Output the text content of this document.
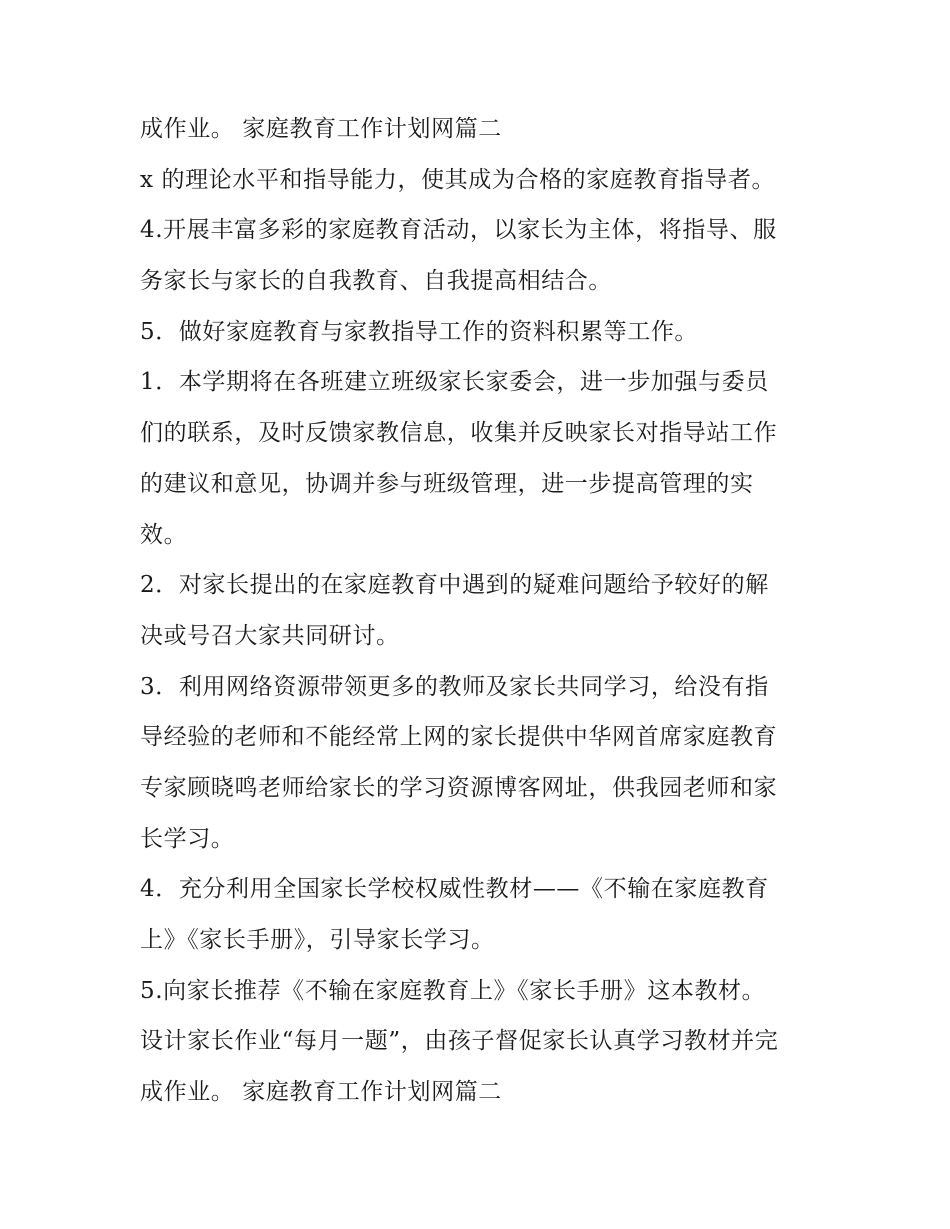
成作业。 家庭教育工作计划网篇二
x 的理论水平和指导能力，使其成为合格的家庭教育指导者。
4.开展丰富多彩的家庭教育活动，以家长为主体，将指导、服
务家长与家长的自我教育、自我提高相结合。
5．做好家庭教育与家教指导工作的资料积累等工作。
1．本学期将在各班建立班级家长家委会，进一步加强与委员
们的联系，及时反馈家教信息，收集并反映家长对指导站工作
的建议和意见，协调并参与班级管理，进一步提高管理的实
效。
2．对家长提出的在家庭教育中遇到的疑难问题给予较好的解
决或号召大家共同研讨。
3．利用网络资源带领更多的教师及家长共同学习，给没有指
导经验的老师和不能经常上网的家长提供中华网首席家庭教育
专家顾晓鸣老师给家长的学习资源博客网址，供我园老师和家
长学习。
4．充分利用全国家长学校权威性教材——《不输在家庭教育
上》《家长手册》，引导家长学习。
5.向家长推荐《不输在家庭教育上》《家长手册》这本教材。
设计家长作业“每月一题”，由孩子督促家长认真学习教材并完
成作业。 家庭教育工作计划网篇二
